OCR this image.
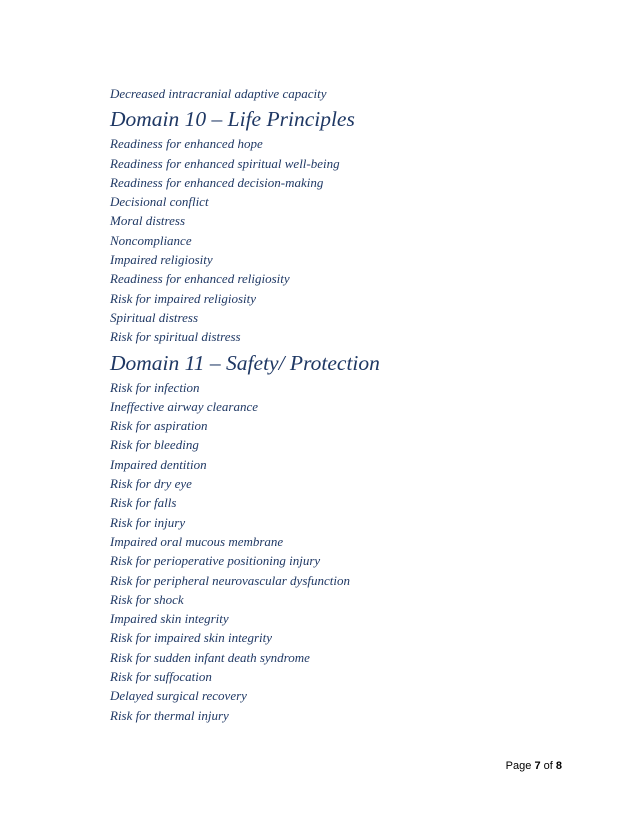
Decreased intracranial adaptive capacity
Domain 10 – Life Principles
Readiness for enhanced hope
Readiness for enhanced spiritual well-being
Readiness for enhanced decision-making
Decisional conflict
Moral distress
Noncompliance
Impaired religiosity
Readiness for enhanced religiosity
Risk for impaired religiosity
Spiritual distress
Risk for spiritual distress
Domain 11 – Safety/ Protection
Risk for infection
Ineffective airway clearance
Risk for aspiration
Risk for bleeding
Impaired dentition
Risk for dry eye
Risk for falls
Risk for injury
Impaired oral mucous membrane
Risk for perioperative positioning injury
Risk for peripheral neurovascular dysfunction
Risk for shock
Impaired skin integrity
Risk for impaired skin integrity
Risk for sudden infant death syndrome
Risk for suffocation
Delayed surgical recovery
Risk for thermal injury
Page 7 of 8
